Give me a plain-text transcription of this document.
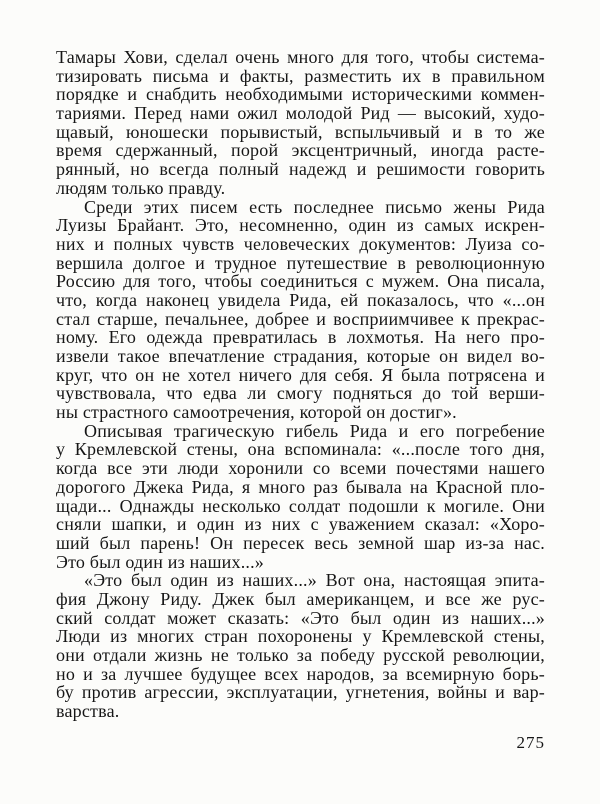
Тамары Хови, сделал очень много для того, чтобы система-
тизировать письма и факты, разместить их в правильном
порядке и снабдить необходимыми историческими коммен-
тариями. Перед нами ожил молодой Рид — высокий, худо-
щавый, юношески порывистый, вспыльчивый и в то же
время сдержанный, порой эксцентричный, иногда расте-
рянный, но всегда полный надежд и решимости говорить
людям только правду.
Среди этих писем есть последнее письмо жены Рида
Луизы Брайант. Это, несомненно, один из самых искрен-
них и полных чувств человеческих документов: Луиза со-
вершила долгое и трудное путешествие в революционную
Россию для того, чтобы соединиться с мужем. Она писала,
что, когда наконец увидела Рида, ей показалось, что «...он
стал старше, печальнее, добрее и восприимчивее к прекрас-
ному. Его одежда превратилась в лохмотья. На него про-
извели такое впечатление страдания, которые он видел во-
круг, что он не хотел ничего для себя. Я была потрясена и
чувствовала, что едва ли смогу подняться до той верши-
ны страстного самоотречения, которой он достиг».
Описывая трагическую гибель Рида и его погребение
у Кремлевской стены, она вспоминала: «...после того дня,
когда все эти люди хоронили со всеми почестями нашего
дорогого Джека Рида, я много раз бывала на Красной пло-
щади... Однажды несколько солдат подошли к могиле. Они
сняли шапки, и один из них с уважением сказал: «Хоро-
ший был парень! Он пересек весь земной шар из-за нас.
Это был один из наших...»
«Это был один из наших...» Вот она, настоящая эпита-
фия Джону Риду. Джек был американцем, и все же рус-
ский солдат может сказать: «Это был один из наших...»
Люди из многих стран похоронены у Кремлевской стены,
они отдали жизнь не только за победу русской революции,
но и за лучшее будущее всех народов, за всемирную борь-
бу против агрессии, эксплуатации, угнетения, войны и вар-
варства.
275
